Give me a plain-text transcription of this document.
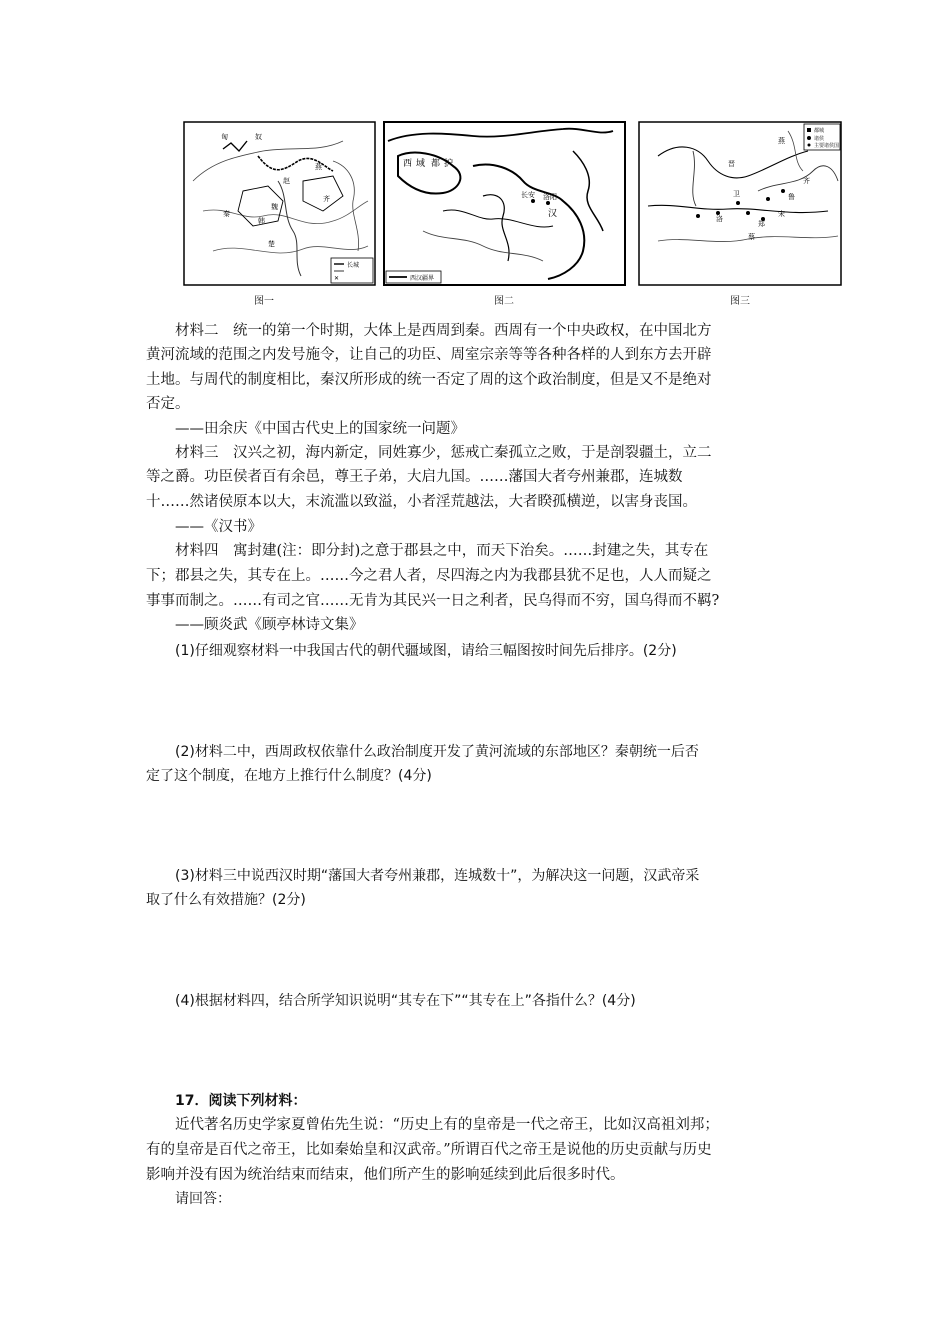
匈	奴
燕
秦
赵
魏
齐
楚
韩
长城
✕
图一
西 域 都 护
长安 洛阳
汉
西汉疆界
图二
燕
晋
卫	鲁
郑
洛
宋
蔡
齐
都城
诸侯
主要诸侯国
图三
材料二　统一的第一个时期，大体上是西周到秦。西周有一个中央政权，在中国北方
黄河流域的范围之内发号施令，让自己的功臣、周室宗亲等等各种各样的人到东方去开辟
土地。与周代的制度相比，秦汉所形成的统一否定了周的这个政治制度，但是又不是绝对
否定。
——田余庆《中国古代史上的国家统一问题》
材料三　汉兴之初，海内新定，同姓寡少，惩戒亡秦孤立之败，于是剖裂疆土，立二
等之爵。功臣侯者百有余邑，尊王子弟，大启九国。……藩国大者夸州兼郡，连城数
十……然诸侯原本以大，末流滥以致溢，小者淫荒越法，大者睽孤横逆，以害身丧国。
——《汉书》
材料四　寓封建(注：即分封)之意于郡县之中，而天下治矣。……封建之失，其专在
下；郡县之失，其专在上。……今之君人者，尽四海之内为我郡县犹不足也，人人而疑之
事事而制之。……有司之官……无肯为其民兴一日之利者，民乌得而不穷，国乌得而不羁?
——顾炎武《顾亭林诗文集》
(1)仔细观察材料一中我国古代的朝代疆域图，请给三幅图按时间先后排序。(2分)
(2)材料二中，西周政权依靠什么政治制度开发了黄河流域的东部地区？秦朝统一后否
定了这个制度，在地方上推行什么制度？(4分)
(3)材料三中说西汉时期“藩国大者夸州兼郡，连城数十”，为解决这一问题，汉武帝采
取了什么有效措施？(2分)
(4)根据材料四，结合所学知识说明“其专在下”“其专在上”各指什么？(4分)
17．阅读下列材料：
近代著名历史学家夏曾佑先生说：“历史上有的皇帝是一代之帝王，比如汉高祖刘邦；
有的皇帝是百代之帝王，比如秦始皇和汉武帝。”所谓百代之帝王是说他的历史贡献与历史
影响并没有因为统治结束而结束，他们所产生的影响延续到此后很多时代。
请回答：
